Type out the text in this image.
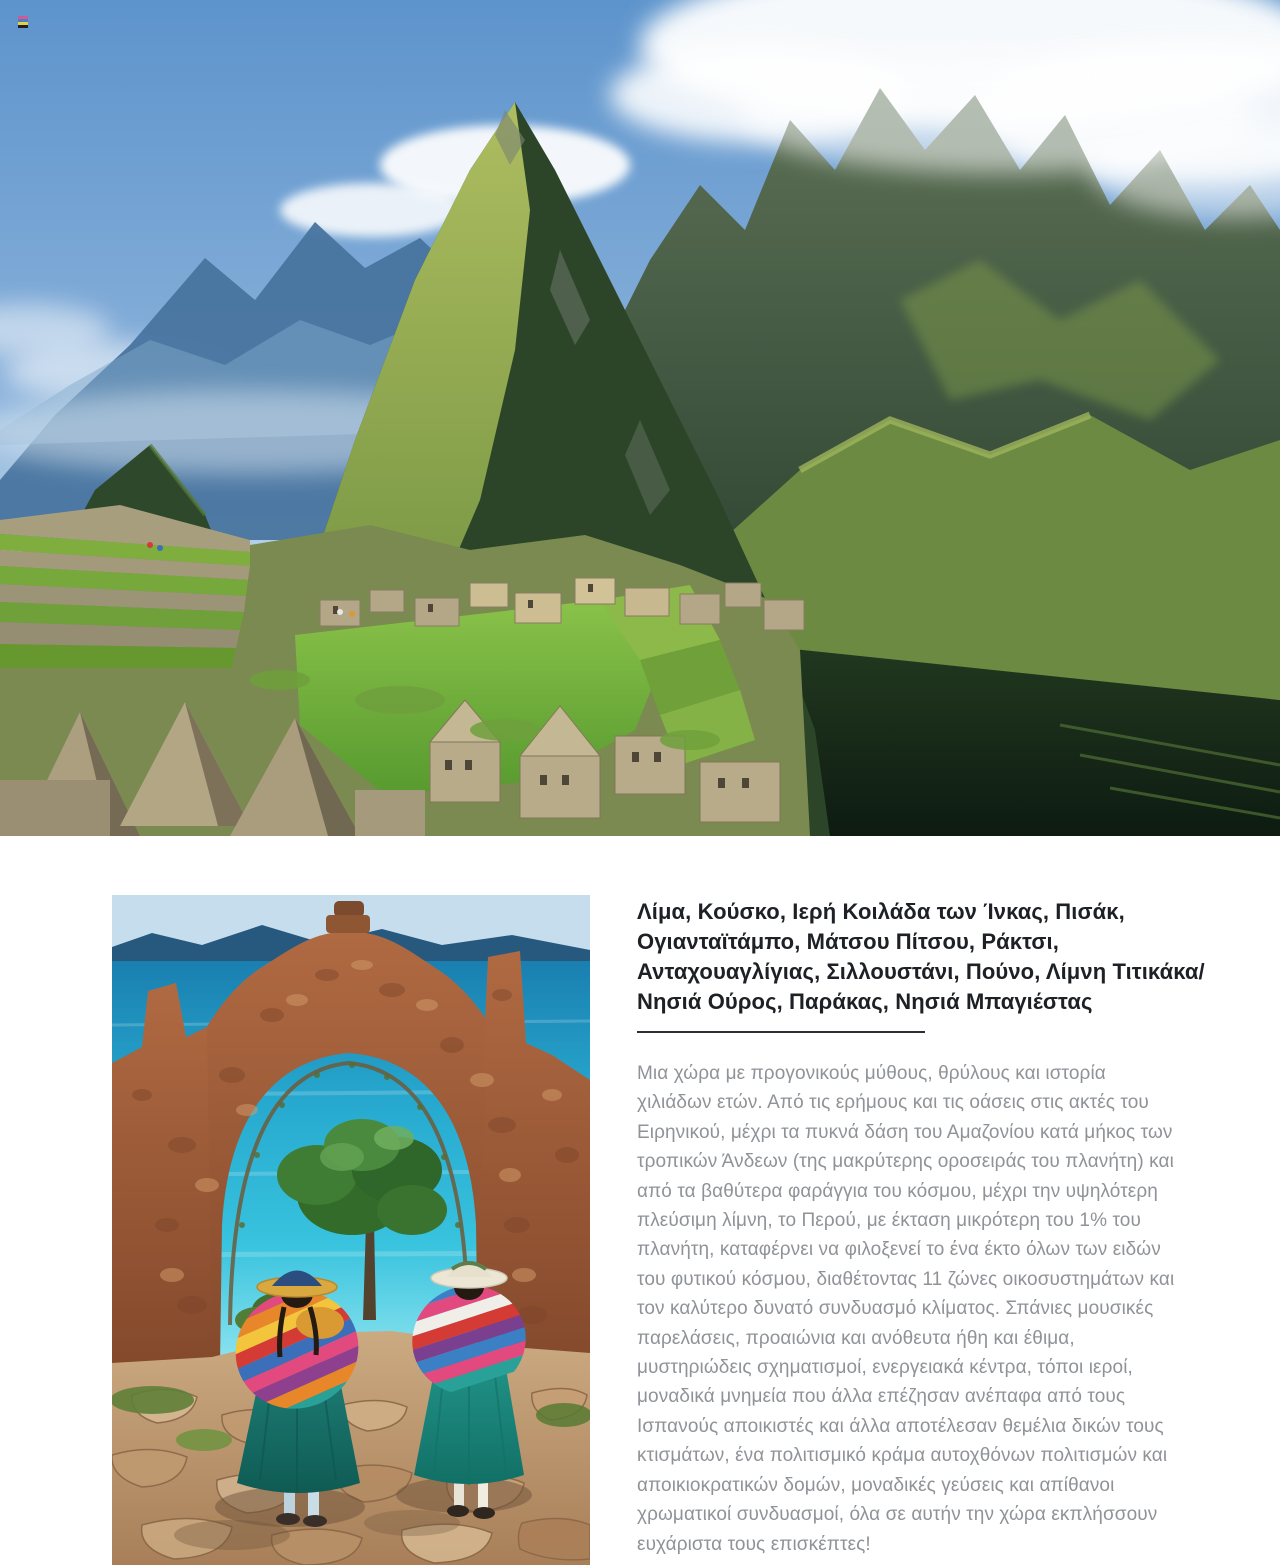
Λίμα, Κούσκο, Ιερή Κοιλάδα των Ίνκας, Πισάκ,
Ογιανταϊτάμπο, Μάτσου Πίτσου, Ράκτσι,
Ανταχουαγλίγιας, Σιλλουστάνι, Πούνο, Λίμνη Τιτικάκα/
Νησιά Ούρος, Παράκας, Νησιά Μπαγιέστας

Μια χώρα με προγονικούς μύθους, θρύλους και ιστορία χιλιάδων ετών. Από τις ερήμους και τις οάσεις στις ακτές του Ειρηνικού, μέχρι τα πυκνά δάση του Αμαζονίου κατά μήκος των τροπικών Άνδεων (της μακρύτερης οροσειράς του πλανήτη) και από τα βαθύτερα φαράγγια του κόσμου, μέχρι την υψηλότερη πλεύσιμη λίμνη, το Περού, με έκταση μικρότερη του 1% του πλανήτη, καταφέρνει να φιλοξενεί το ένα έκτο όλων των ειδών του φυτικού κόσμου, διαθέτοντας 11 ζώνες οικοσυστημάτων και τον καλύτερο δυνατό συνδυασμό κλίματος. Σπάνιες μουσικές παρελάσεις, προαιώνια και ανόθευτα ήθη και έθιμα, μυστηριώδεις σχηματισμοί, ενεργειακά κέντρα, τόποι ιεροί, μοναδικά μνημεία που άλλα επέζησαν ανέπαφα από τους Ισπανούς αποικιστές και άλλα αποτέλεσαν θεμέλια δικών τους κτισμάτων, ένα πολιτισμικό κράμα αυτοχθόνων πολιτισμών και αποικιοκρατικών δομών, μοναδικές γεύσεις και απίθανοι χρωματικοί συνδυασμοί, όλα σε αυτήν την χώρα εκπλήσσουν ευχάριστα τους επισκέπτες!
